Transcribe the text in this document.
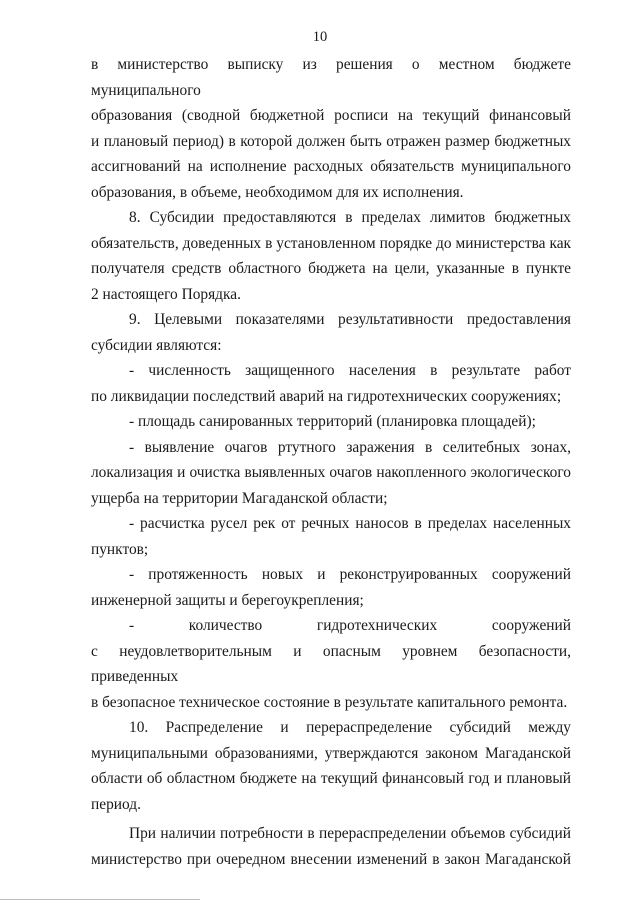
10
в министерство выписку из решения о местном бюджете муниципального
образования (сводной бюджетной росписи на текущий финансовый
и плановый период) в которой должен быть отражен размер бюджетных
ассигнований на исполнение расходных обязательств муниципального
образования, в объеме, необходимом для их исполнения.
8. Субсидии предоставляются в пределах лимитов бюджетных
обязательств, доведенных в установленном порядке до министерства как
получателя средств областного бюджета на цели, указанные в пункте
2 настоящего Порядка.
9. Целевыми показателями результативности предоставления
субсидии являются:
- численность защищенного населения в результате работ
по ликвидации последствий аварий на гидротехнических сооружениях;
- площадь санированных территорий (планировка площадей);
- выявление очагов ртутного заражения в селитебных зонах,
локализация и очистка выявленных очагов накопленного экологического
ущерба на территории Магаданской области;
- расчистка русел рек от речных наносов в пределах населенных
пунктов;
- протяженность новых и реконструированных сооружений
инженерной защиты и берегоукрепления;
- количество гидротехнических сооружений
с неудовлетворительным и опасным уровнем безопасности, приведенных
в безопасное техническое состояние в результате капитального ремонта.
10. Распределение и перераспределение субсидий между
муниципальными образованиями, утверждаются законом Магаданской
области об областном бюджете на текущий финансовый год и плановый
период.
При наличии потребности в перераспределении объемов субсидий
министерство при очередном внесении изменений в закон Магаданской
